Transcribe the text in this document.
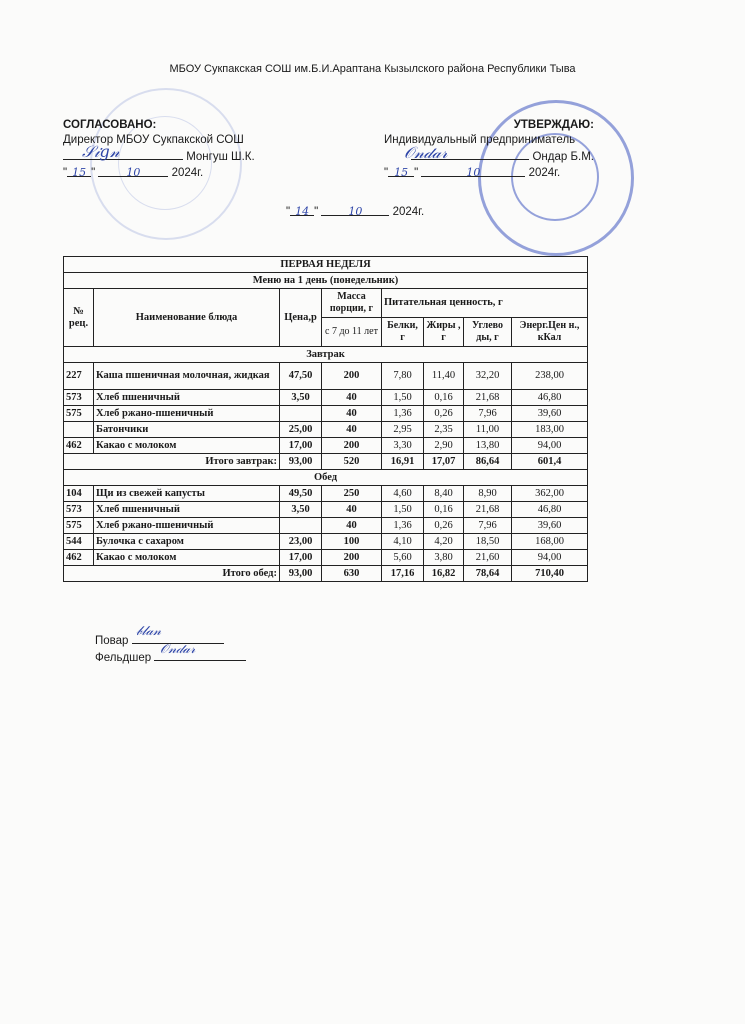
МБОУ Сукпакская СОШ им.Б.И.Араптана Кызылского района Республики Тыва
СОГЛАСОВАНО:
Директор МБОУ Сукпакской СОШ
Монгуш Ш.К.
" 15 "	10	2024г.
𝒮𝒾𝑔𝓃
УТВЕРЖДАЮ:
Индивидуальный предприниматель
Ондар Б.М.
" 15 "	10	2024г.
𝒪𝓃𝒹𝒶𝓇
" 14 "	10	2024г.
ПЕРВАЯ НЕДЕЛЯ							
Меню на 1 день (понедельник)							
№ рец.	Наименование блюда	Цена,р	Масса порции, г	Питательная ценность, г			
			с 7 до 11 лет	Белки, г	Жиры , г	Углево ды, г	Энерг.Цен н., кКал
Завтрак							
227	Каша пшеничная молочная, жидкая	47,50	200	7,80	11,40	32,20	238,00
573	Хлеб пшеничный	3,50	40	1,50	0,16	21,68	46,80
575	Хлеб ржано-пшеничный		40	1,36	0,26	7,96	39,60
	Батончики	25,00	40	2,95	2,35	11,00	183,00
462	Какао с молоком	17,00	200	3,30	2,90	13,80	94,00
Итого завтрак:		93,00	520	16,91	17,07	86,64	601,4
Обед							
104	Щи из свежей капусты	49,50	250	4,60	8,40	8,90	362,00
573	Хлеб пшеничный	3,50	40	1,50	0,16	21,68	46,80
575	Хлеб ржано-пшеничный		40	1,36	0,26	7,96	39,60
544	Булочка с сахаром	23,00	100	4,10	4,20	18,50	168,00
462	Какао с молоком	17,00	200	5,60	3,80	21,60	94,00
Итого обед:		93,00	630	17,16	16,82	78,64	710,40
Повар
Фельдшер
𝒷𝓁𝒶𝓃
𝒪𝓃𝒹𝒶𝓇
